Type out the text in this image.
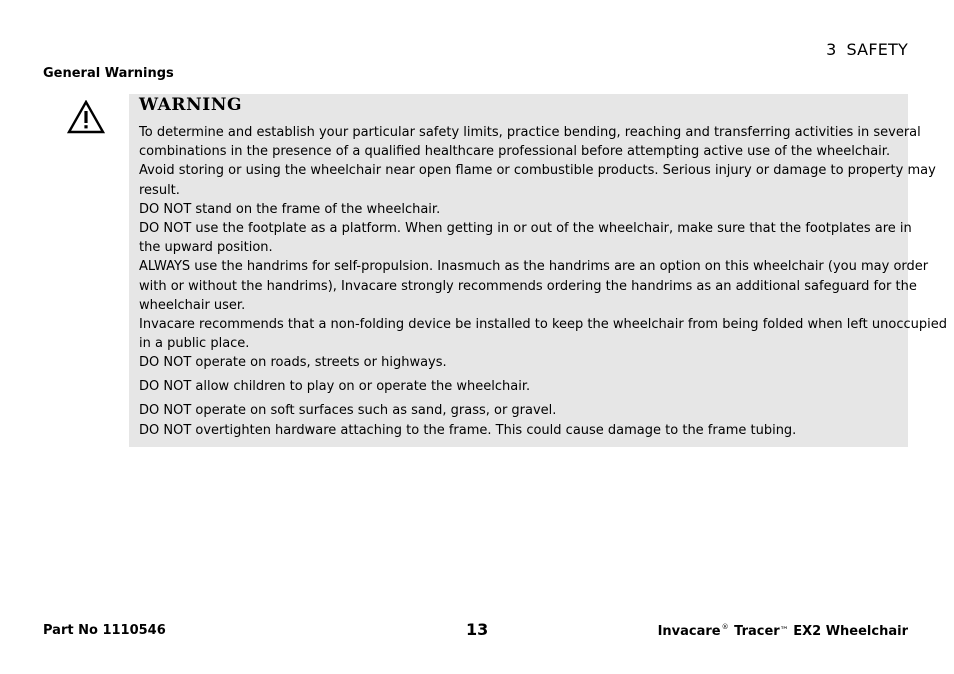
3 SAFETY
General Warnings
WARNING

To determine and establish your particular safety limits, practice bending, reaching and transferring activities in several

combinations in the presence of a qualified healthcare professional before attempting active use of the wheelchair.

Avoid storing or using the wheelchair near open flame or combustible products. Serious injury or damage to property may

result.

DO NOT stand on the frame of the wheelchair.

DO NOT use the footplate as a platform. When getting in or out of the wheelchair, make sure that the footplates are in

the upward position.

ALWAYS use the handrims for self-propulsion. Inasmuch as the handrims are an option on this wheelchair (you may order

with or without the handrims), Invacare strongly recommends ordering the handrims as an additional safeguard for the

wheelchair user.

Invacare recommends that a non-folding device be installed to keep the wheelchair from being folded when left unoccupied

in a public place.

DO NOT operate on roads, streets or highways.

DO NOT allow children to play on or operate the wheelchair.

DO NOT operate on soft surfaces such as sand, grass, or gravel.

DO NOT overtighten hardware attaching to the frame. This could cause damage to the frame tubing.

Part No 1110546	13	Invacare® Tracer™ EX2 Wheelchair
